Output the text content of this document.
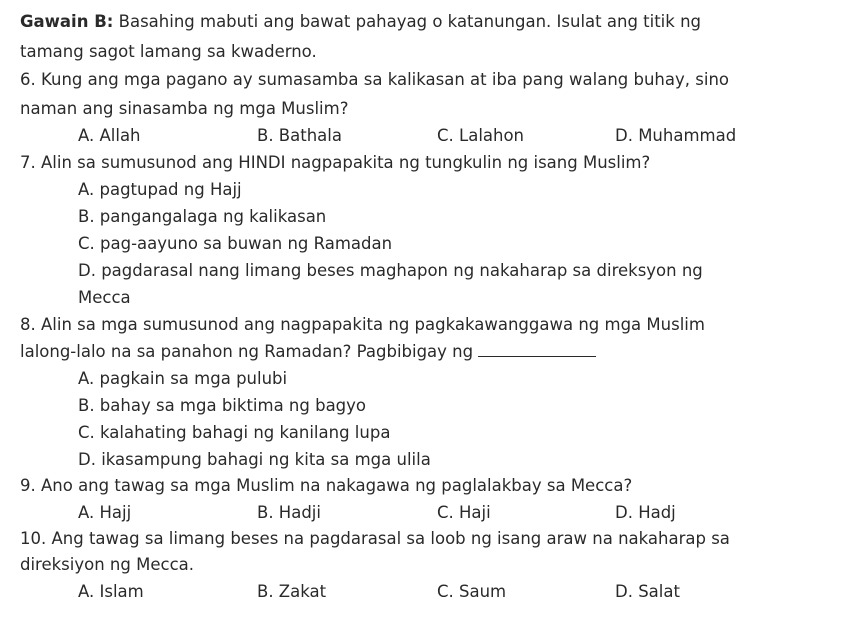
Gawain B: Basahing mabuti ang bawat pahayag o katanungan. Isulat ang titik ng
tamang sagot lamang sa kwaderno.
6. Kung ang mga pagano ay sumasamba sa kalikasan at iba pang walang buhay, sino
naman ang sinasamba ng mga Muslim?
A. Allah	B. Bathala	C. Lalahon	D. Muhammad
7. Alin sa sumusunod ang HINDI nagpapakita ng tungkulin ng isang Muslim?
A. pagtupad ng Hajj
B. pangangalaga ng kalikasan
C. pag-aayuno sa buwan ng Ramadan
D. pagdarasal nang limang beses maghapon ng nakaharap sa direksyon ng
Mecca
8. Alin sa mga sumusunod ang nagpapakita ng pagkakawanggawa ng mga Muslim
lalong-lalo na sa panahon ng Ramadan? Pagbibigay ng
A. pagkain sa mga pulubi
B. bahay sa mga biktima ng bagyo
C. kalahating bahagi ng kanilang lupa
D. ikasampung bahagi ng kita sa mga ulila
9. Ano ang tawag sa mga Muslim na nakagawa ng paglalakbay sa Mecca?
A. Hajj	B. Hadji	C. Haji	D. Hadj
10. Ang tawag sa limang beses na pagdarasal sa loob ng isang araw na nakaharap sa
direksiyon ng Mecca.
A. Islam	B. Zakat	C. Saum	D. Salat
